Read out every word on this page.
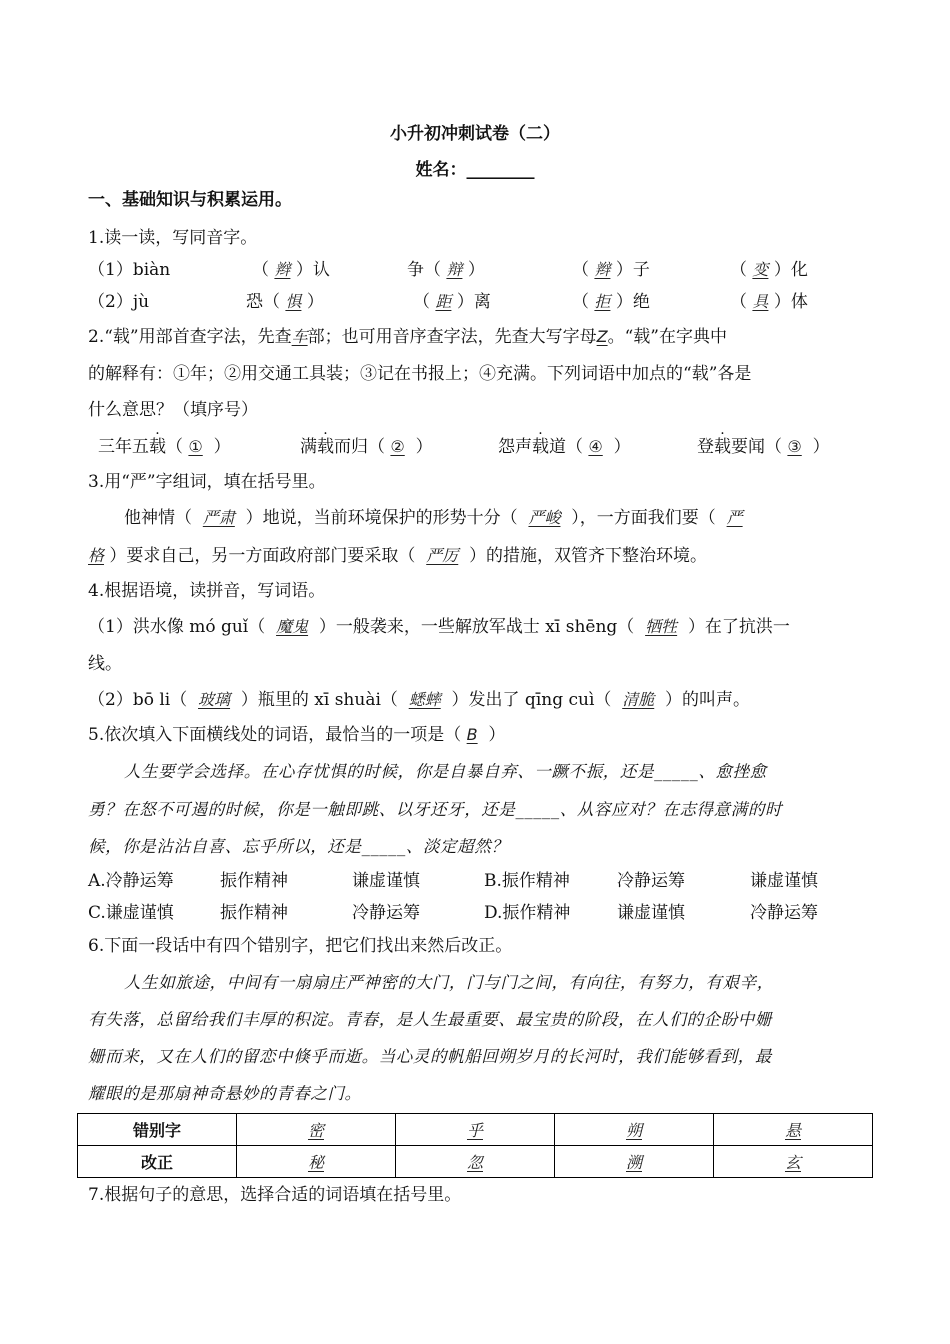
小升初冲刺试卷（二）
姓名：________
一、基础知识与积累运用。
1.读一读，写同音字。
（1）biàn	（ 辫 ）认	争（ 辩 ）	（ 辫 ）子	（ 变 ）化
（2）jù	恐（ 惧 ）	（ 距 ）离	（ 拒 ）绝	（ 具 ）体
2.“载”用部首查字法，先查车部；也可用音序查字法，先查大写字母Z。“载”在字典中
的解释有：①年；②用交通工具装；③记在书报上；④充满。下列词语中加点的“载”各是
什么意思？（填序号）
三年五载（ ① ）	满载而归（ ② ）	怨声载道（ ④ ）	登载要闻（ ③ ）
3.用“严”字组词，填在括号里。
他神情（ 严肃 ）地说，当前环境保护的形势十分（ 严峻 ），一方面我们要（ 严
格 ）要求自己，另一方面政府部门要采取（ 严厉 ）的措施，双管齐下整治环境。
4.根据语境，读拼音，写词语。
（1）洪水像 mó guǐ（ 魔鬼 ）一般袭来，一些解放军战士 xī shēng（ 牺牲 ）在了抗洪一
线。
（2）bō li（ 玻璃 ）瓶里的 xī shuài（ 蟋蟀 ）发出了 qīng cuì（ 清脆 ）的叫声。
5.依次填入下面横线处的词语，最恰当的一项是（ B ）
人生要学会选择。在心存忧惧的时候，你是自暴自弃、一蹶不振，还是_____、愈挫愈
勇？在怒不可遏的时候，你是一触即跳、以牙还牙，还是_____、从容应对？在志得意满的时
候，你是沾沾自喜、忘乎所以，还是_____、淡定超然？
A.冷静运筹	振作精神	谦虚谨慎	B.振作精神	冷静运筹	谦虚谨慎
C.谦虚谨慎	振作精神	冷静运筹	D.振作精神	谦虚谨慎	冷静运筹
6.下面一段话中有四个错别字，把它们找出来然后改正。
人生如旅途，中间有一扇扇庄严神密的大门，门与门之间，有向往，有努力，有艰辛，
有失落，总留给我们丰厚的积淀。青春，是人生最重要、最宝贵的阶段，在人们的企盼中姗
姗而来，又在人们的留恋中倏乎而逝。当心灵的帆船回朔岁月的长河时，我们能够看到，最
耀眼的是那扇神奇悬妙的青春之门。
错别字	密	乎	朔	悬
改正	秘	忽	溯	玄
7.根据句子的意思，选择合适的词语填在括号里。
